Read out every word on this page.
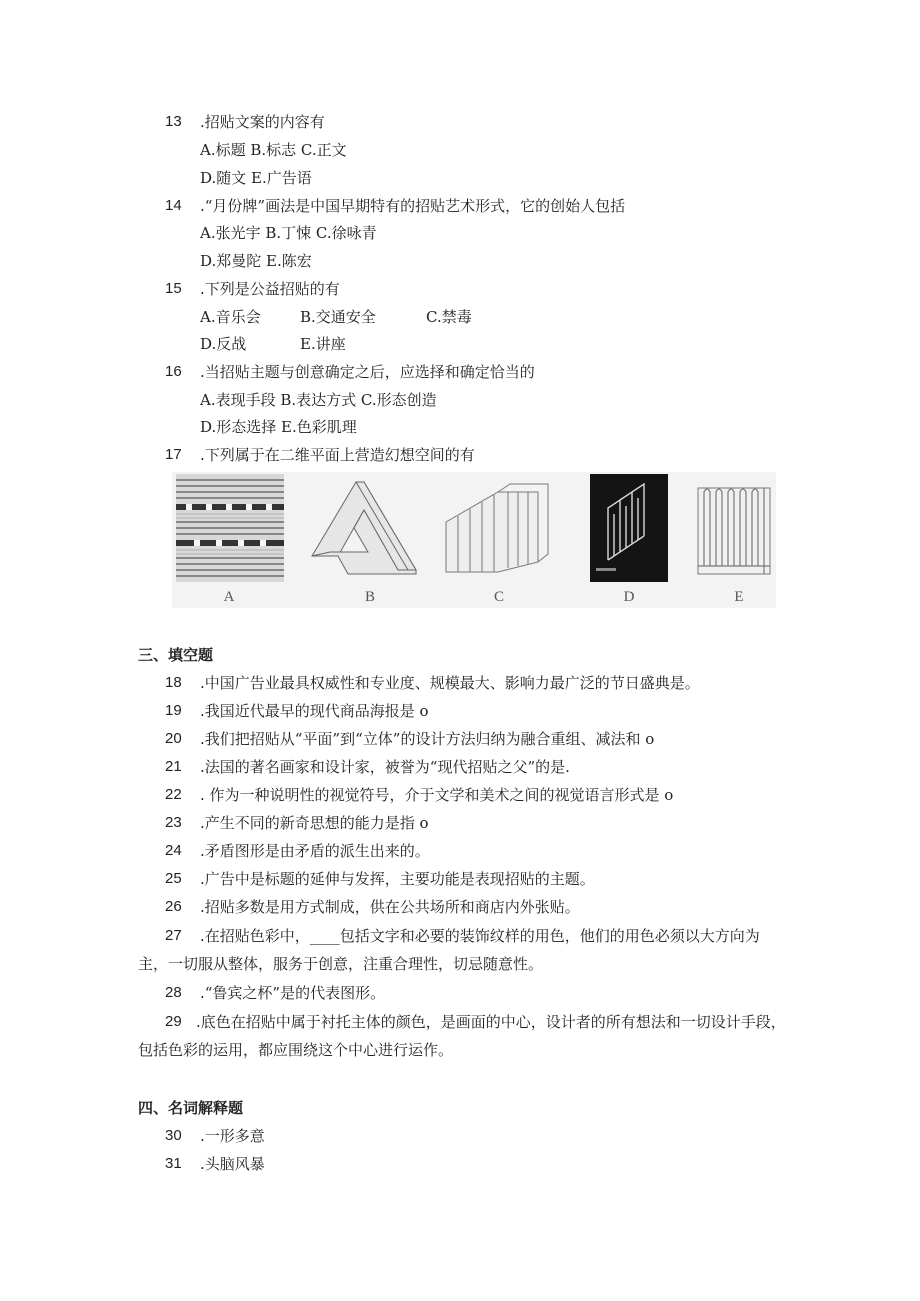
13 .招贴文案的内容有
A.标题 B.标志 C.正文
D.随文 E.广告语
14 .“月份牌”画法是中国早期特有的招贴艺术形式，它的创始人包括
A.张光宇 B.丁悚 C.徐咏青
D.郑曼陀 E.陈宏
15 .下列是公益招贴的有
A.音乐会	B.交通安全	C.禁毒
D.反战	E.讲座
16 .当招贴主题与创意确定之后，应选择和确定恰当的
A.表现手段 B.表达方式 C.形态创造
D.形态选择 E.色彩肌理
17 .下列属于在二维平面上营造幻想空间的有
A	B	C	D	E
三、填空题
18 .中国广告业最具权威性和专业度、规模最大、影响力最广泛的节日盛典是。
19 .我国近代最早的现代商品海报是 o
20 .我们把招贴从“平面”到“立体”的设计方法归纳为融合重组、减法和 o
21 .法国的著名画家和设计家，被誉为“现代招贴之父”的是.
22 . 作为一种说明性的视觉符号，介于文学和美术之间的视觉语言形式是 o
23 .产生不同的新奇思想的能力是指 o
24 .矛盾图形是由矛盾的派生出来的。
25 .广告中是标题的延伸与发挥，主要功能是表现招贴的主题。
26 .招贴多数是用方式制成，供在公共场所和商店内外张贴。
27 .在招贴色彩中，____包括文字和必要的装饰纹样的用色，他们的用色必须以大方向为
主，一切服从整体，服务于创意，注重合理性，切忌随意性。
28 .“鲁宾之杯”是的代表图形。
29 .底色在招贴中属于衬托主体的颜色，是画面的中心，设计者的所有想法和一切设计手段，
包括色彩的运用，都应围绕这个中心进行运作。
四、名词解释题
30 .一形多意
31 .头脑风暴
